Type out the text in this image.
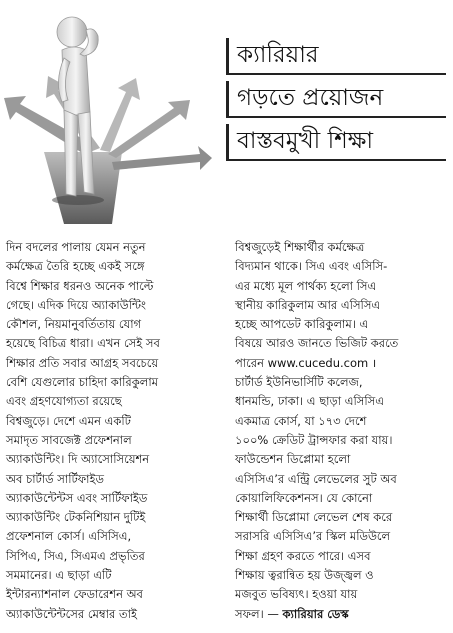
ক্যারিয়ার
গড়তে প্রয়োজন
বাস্তবমুখী শিক্ষা

দিন বদলের পালায় যেমন নতুন
কর্মক্ষেত্র তৈরি হচ্ছে একই সঙ্গে
বিশ্বে শিক্ষার ধরনও অনেক পাল্টে
গেছে। এদিক দিয়ে অ্যাকাউন্টিং
কৌশল, নিয়মানুবর্তিতায় যোগ
হয়েছে বিচিত্র ধারা। এখন সেই সব
শিক্ষার প্রতি সবার আগ্রহ সবচেয়ে
বেশি যেগুলোর চাহিদা কারিকুলাম
এবং গ্রহণযোগ্যতা রয়েছে
বিশ্বজুড়ে। দেশে এমন একটি
সমাদৃত সাবজেক্ট প্রফেশনাল
অ্যাকাউন্টিং। দি অ্যাসোসিয়েশন
অব চার্টার্ড সার্টিফাইড
অ্যাকাউন্টেন্টস এবং সার্টিফাইড
অ্যাকাউন্টিং টেকনিশিয়ান দুটিই
প্রফেশনাল কোর্স। এসিসিএ,
সিপিএ, সিএ, সিএমএ প্রভৃতির
সমমানের। এ ছাড়া এটি
ইন্টারন্যাশনাল ফেডারেশন অব
অ্যাকাউন্টেন্টসের মেম্বার তাই

বিশ্বজুড়েই শিক্ষার্থীর কর্মক্ষেত্র
বিদ্যমান থাকে। সিএ এবং এসিসি-
এর মধ্যে মূল পার্থক্য হলো সিএ
স্থানীয় কারিকুলাম আর এসিসিএ
হচ্ছে আপডেট কারিকুলাম। এ
বিষয়ে আরও জানতে ভিজিট করতে
পারেন www.cucedu.com ।
চার্টার্ড ইউনিভার্সিটি কলেজ,
ধানমন্ডি, ঢাকা। এ ছাড়া এসিসিএ
একমাত্র কোর্স, যা ১৭৩ দেশে
১০০% ক্রেডিট ট্রান্সফার করা যায়।
ফাউন্ডেশন ডিপ্লোমা হলো
এসিসিএ’র এন্ট্রি লেভেলের সুট অব
কোয়ালিফিকেশনস। যে কোনো
শিক্ষার্থী ডিপ্লোমা লেভেল শেষ করে
সরাসরি এসিসিএ’র স্কিল মডিউলে
শিক্ষা গ্রহণ করতে পারে। এসব
শিক্ষায় ত্বরান্বিত হয় উজ্জ্বল ও
মজবুত ভবিষ্যৎ। হওয়া যায়
সফল। — ক্যারিয়ার ডেস্ক
